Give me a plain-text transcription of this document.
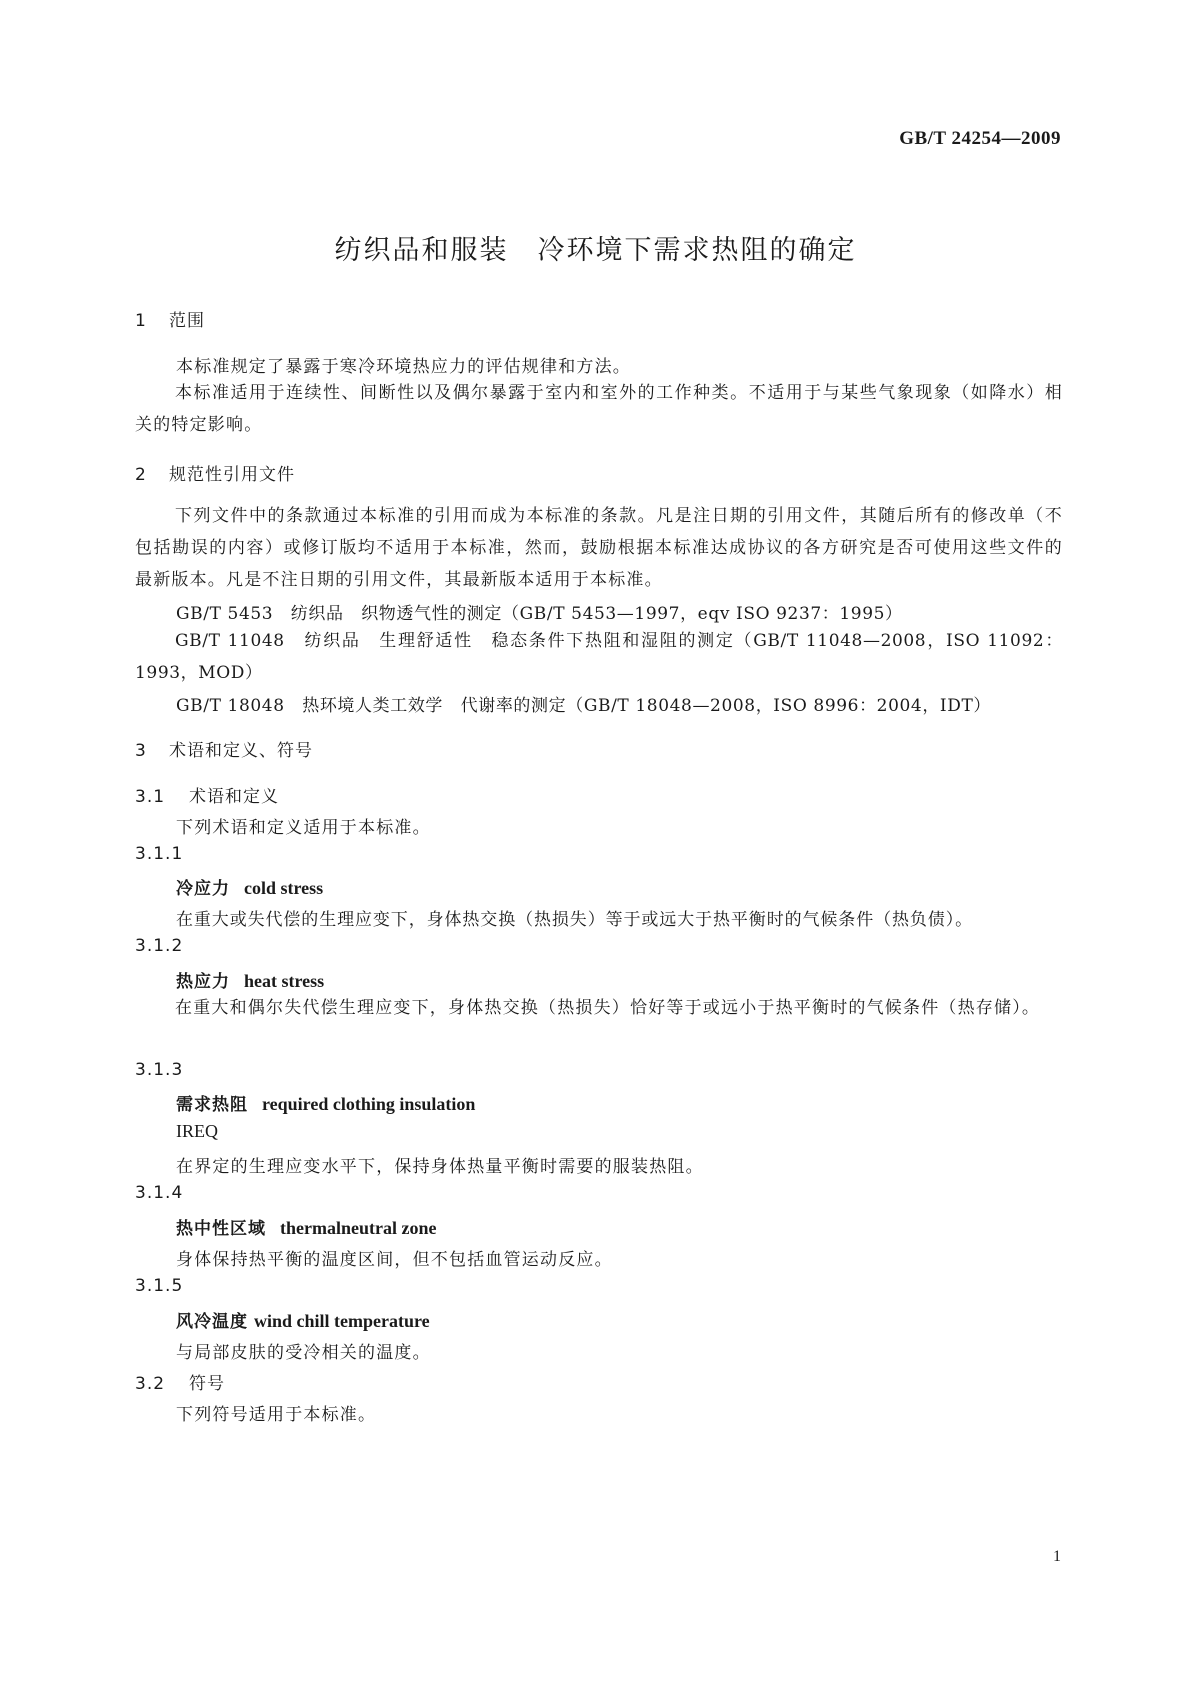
GB/T 24254—2009
纺织品和服装　冷环境下需求热阻的确定
1 范围
本标准规定了暴露于寒冷环境热应力的评估规律和方法。
本标准适用于连续性、间断性以及偶尔暴露于室内和室外的工作种类。不适用于与某些气象现象（如降水）相关的特定影响。
2 规范性引用文件
下列文件中的条款通过本标准的引用而成为本标准的条款。凡是注日期的引用文件，其随后所有的修改单（不包括勘误的内容）或修订版均不适用于本标准，然而，鼓励根据本标准达成协议的各方研究是否可使用这些文件的最新版本。凡是不注日期的引用文件，其最新版本适用于本标准。
GB/T 5453　纺织品　织物透气性的测定（GB/T 5453—1997，eqv ISO 9237：1995）
GB/T 11048　纺织品　生理舒适性　稳态条件下热阻和湿阻的测定（GB/T 11048—2008，ISO 11092：1993，MOD）
GB/T 18048　热环境人类工效学　代谢率的测定（GB/T 18048—2008，ISO 8996：2004，IDT）
3 术语和定义、符号
3.1 术语和定义
下列术语和定义适用于本标准。
3.1.1
冷应力 cold stress
在重大或失代偿的生理应变下，身体热交换（热损失）等于或远大于热平衡时的气候条件（热负债）。
3.1.2
热应力 heat stress
在重大和偶尔失代偿生理应变下，身体热交换（热损失）恰好等于或远小于热平衡时的气候条件（热存储）。
3.1.3
需求热阻 required clothing insulation
IREQ
在界定的生理应变水平下，保持身体热量平衡时需要的服装热阻。
3.1.4
热中性区域 thermalneutral zone
身体保持热平衡的温度区间，但不包括血管运动反应。
3.1.5
风冷温度 wind chill temperature
与局部皮肤的受冷相关的温度。
3.2 符号
下列符号适用于本标准。
1
